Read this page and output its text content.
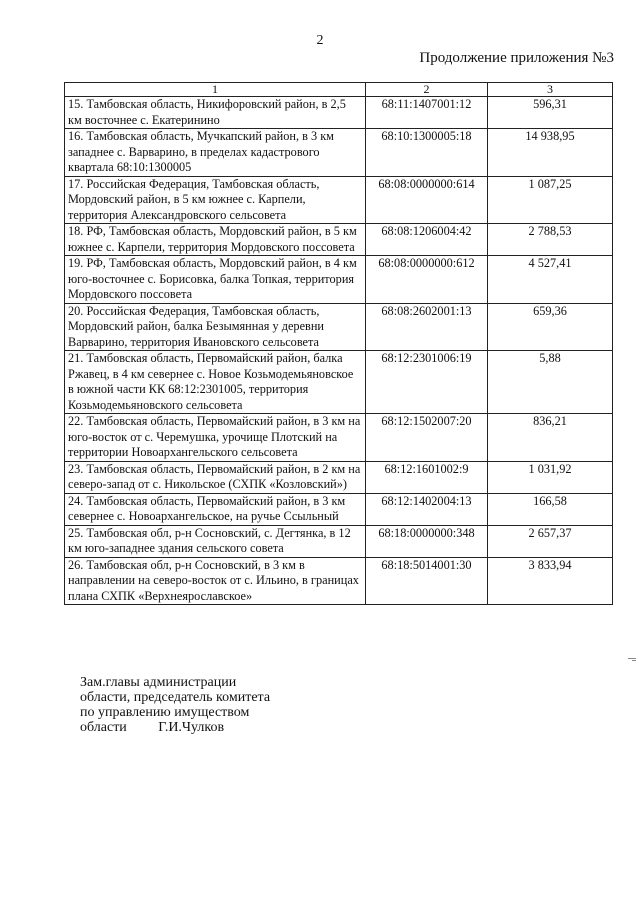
2
Продолжение приложения №3
1	2	3
15. Тамбовская область, Никифоровский район, в 2,5 км восточнее с. Екатеринино	68:11:1407001:12	596,31
16. Тамбовская область, Мучкапский район, в 3 км западнее с. Варварино, в пределах кадастрового квартала 68:10:1300005	68:10:1300005:18	14 938,95
17. Российская Федерация, Тамбовская область, Мордовский район, в 5 км южнее с. Карпели, территория Александровского сельсовета	68:08:0000000:614	1 087,25
18. РФ, Тамбовская область, Мордовский район, в 5 км южнее с. Карпели, территория Мордовского поссовета	68:08:1206004:42	2 788,53
19. РФ, Тамбовская область, Мордовский район, в 4 км юго-восточнее с. Борисовка, балка Топкая, территория Мордовского поссовета	68:08:0000000:612	4 527,41
20. Российская Федерация, Тамбовская область, Мордовский район, балка Безымянная у деревни Варварино, территория Ивановского сельсовета	68:08:2602001:13	659,36
21. Тамбовская область, Первомайский район, балка Ржавец, в 4 км севернее с. Новое Козьмодемьяновское в южной части КК 68:12:2301005, территория Козьмодемьяновского сельсовета	68:12:2301006:19	5,88
22. Тамбовская область, Первомайский район, в 3 км на юго-восток от с. Черемушка, урочище Плотский на территории Новоархангельского сельсовета	68:12:1502007:20	836,21
23. Тамбовская область, Первомайский район, в 2 км на северо-запад от с. Никольское (СХПК «Козловский»)	68:12:1601002:9	1 031,92
24. Тамбовская область, Первомайский район, в 3 км севернее с. Новоархангельское, на ручье Ссыльный	68:12:1402004:13	166,58
25. Тамбовская обл, р-н Сосновский, с. Дегтянка, в 12 км юго-западнее здания сельского совета	68:18:0000000:348	2 657,37
26. Тамбовская обл, р-н Сосновский, в 3 км в направлении на северо-восток от с. Ильино, в границах плана СХПК «Верхнеярославское»	68:18:5014001:30	3 833,94
Зам.главы администрации
области, председатель комитета
по управлению имуществом
области         Г.И.Чулков
